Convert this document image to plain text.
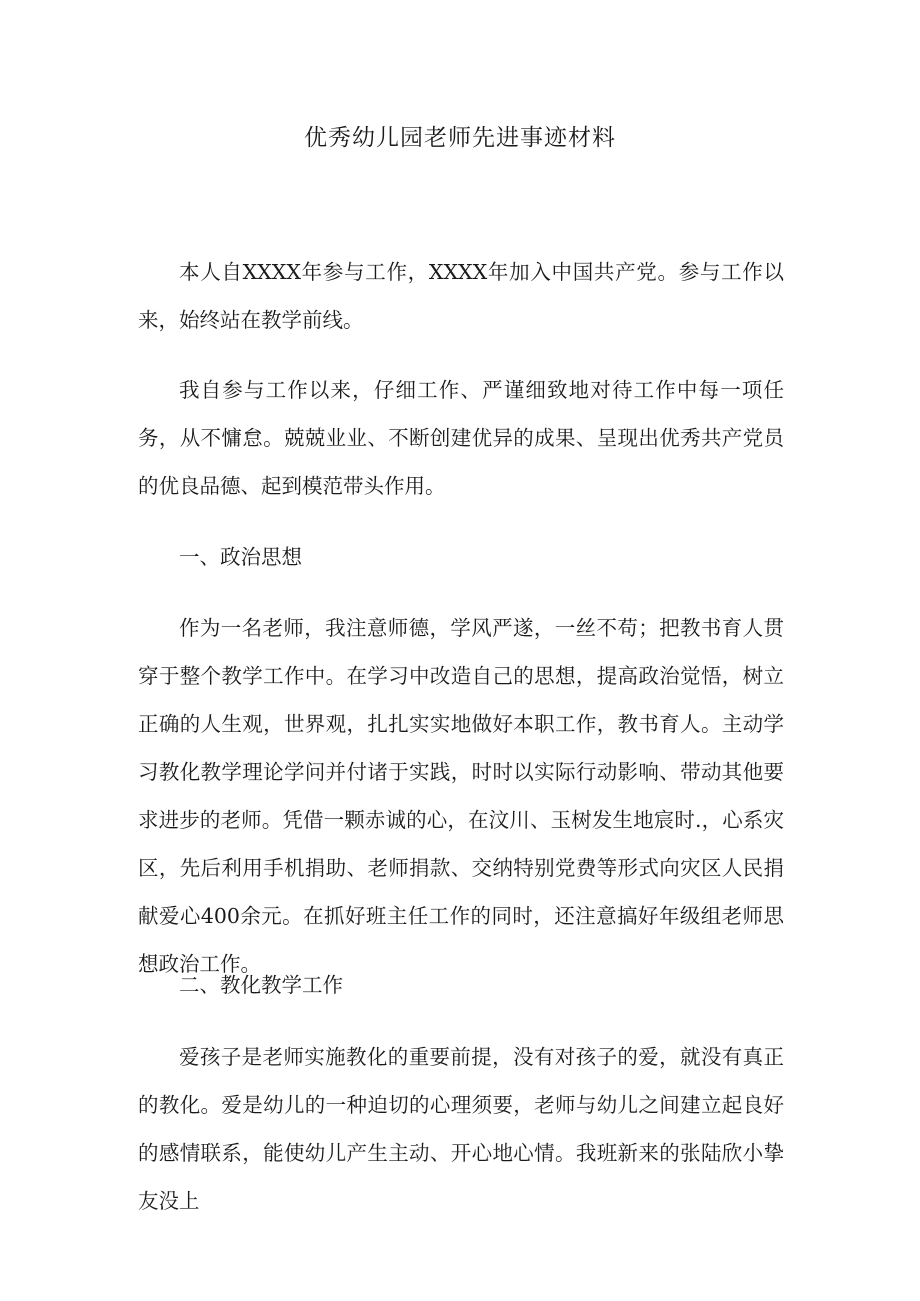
优秀幼儿园老师先进事迹材料

本人自XXXX年参与工作，XXXX年加入中国共产党。参与工作以来，始终站在教学前线。

我自参与工作以来，仔细工作、严谨细致地对待工作中每一项任务，从不慵怠。兢兢业业、不断创建优异的成果、呈现出优秀共产党员的优良品德、起到模范带头作用。

一、政治思想

作为一名老师，我注意师德，学风严遂，一丝不苟；把教书育人贯穿于整个教学工作中。在学习中改造自己的思想，提高政治觉悟，树立正确的人生观，世界观，扎扎实实地做好本职工作，教书育人。主动学习教化教学理论学问并付诸于实践，时时以实际行动影响、带动其他要求进步的老师。凭借一颗赤诚的心，在汶川、玉树发生地宸时.，心系灾区，先后利用手机捐助、老师捐款、交纳特别党费等形式向灾区人民捐献爱心400余元。在抓好班主任工作的同时，还注意搞好年级组老师思想政治工作。

二、教化教学工作

爱孩子是老师实施教化的重要前提，没有对孩子的爱，就没有真正的教化。爱是幼儿的一种迫切的心理须要，老师与幼儿之间建立起良好的感情联系，能使幼儿产生主动、开心地心情。我班新来的张陆欣小挚友没上
